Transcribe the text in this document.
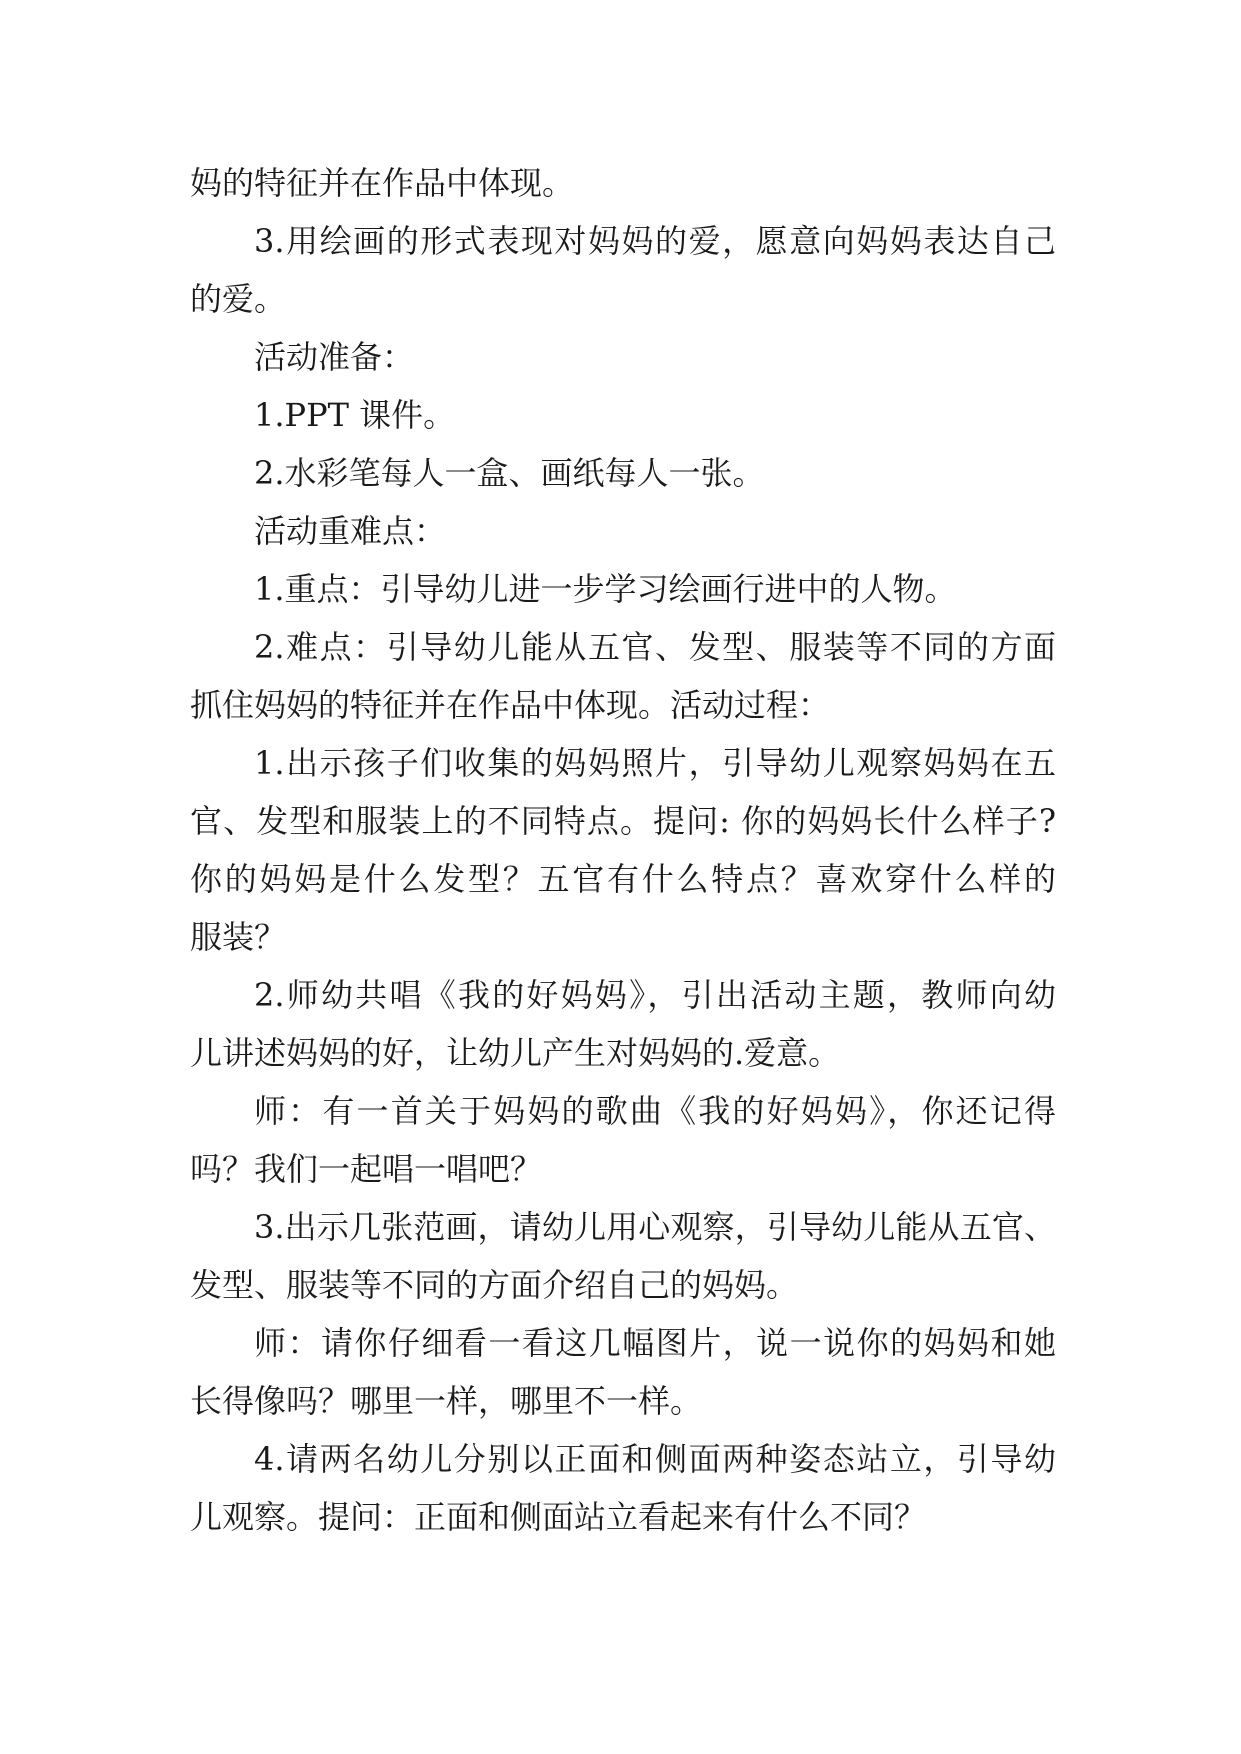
妈的特征并在作品中体现。
3.用绘画的形式表现对妈妈的爱，愿意向妈妈表达自己
的爱。
活动准备：
1.PPT 课件。
2.水彩笔每人一盒、画纸每人一张。
活动重难点：
1.重点：引导幼儿进一步学习绘画行进中的人物。
2.难点：引导幼儿能从五官、发型、服装等不同的方面
抓住妈妈的特征并在作品中体现。活动过程：
1.出示孩子们收集的妈妈照片，引导幼儿观察妈妈在五
官、发型和服装上的不同特点。提问: 你的妈妈长什么样子?
你的妈妈是什么发型？五官有什么特点？喜欢穿什么样的
服装？
2.师幼共唱《我的好妈妈》，引出活动主题，教师向幼
儿讲述妈妈的好，让幼儿产生对妈妈的.爱意。
师：有一首关于妈妈的歌曲《我的好妈妈》，你还记得
吗？我们一起唱一唱吧？
3.出示几张范画，请幼儿用心观察，引导幼儿能从五官、
发型、服装等不同的方面介绍自己的妈妈。
师：请你仔细看一看这几幅图片，说一说你的妈妈和她
长得像吗？哪里一样，哪里不一样。
4.请两名幼儿分别以正面和侧面两种姿态站立，引导幼
儿观察。提问：正面和侧面站立看起来有什么不同？
